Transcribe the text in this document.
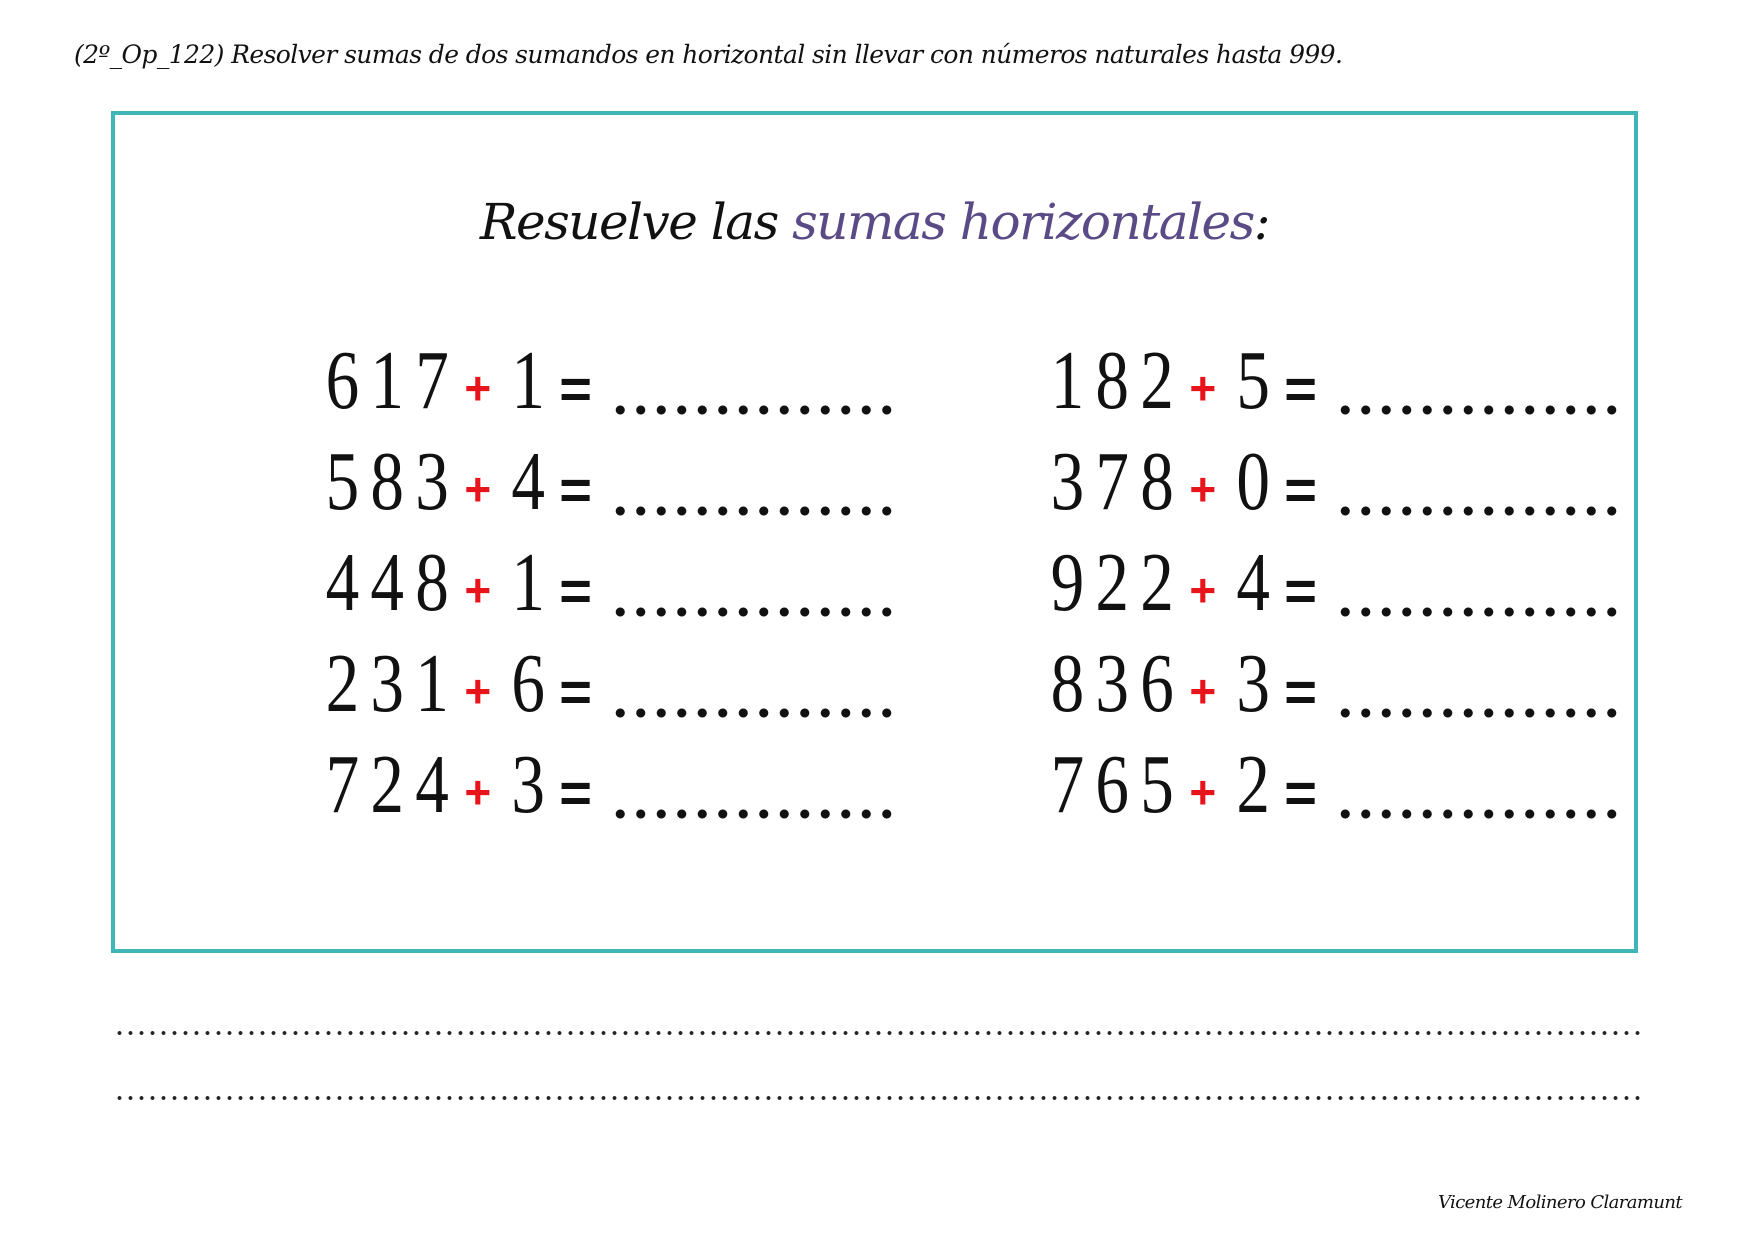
(2º_Op_122) Resolver sumas de dos sumandos en horizontal sin llevar con números naturales hasta 999.
Resuelve las sumas horizontales:
617 + 1 =
583 + 4 =
448 + 1 =
231 + 6 =
724 + 3 =
182 + 5 =
378 + 0 =
922 + 4 =
836 + 3 =
765 + 2 =
Vicente Molinero Claramunt
